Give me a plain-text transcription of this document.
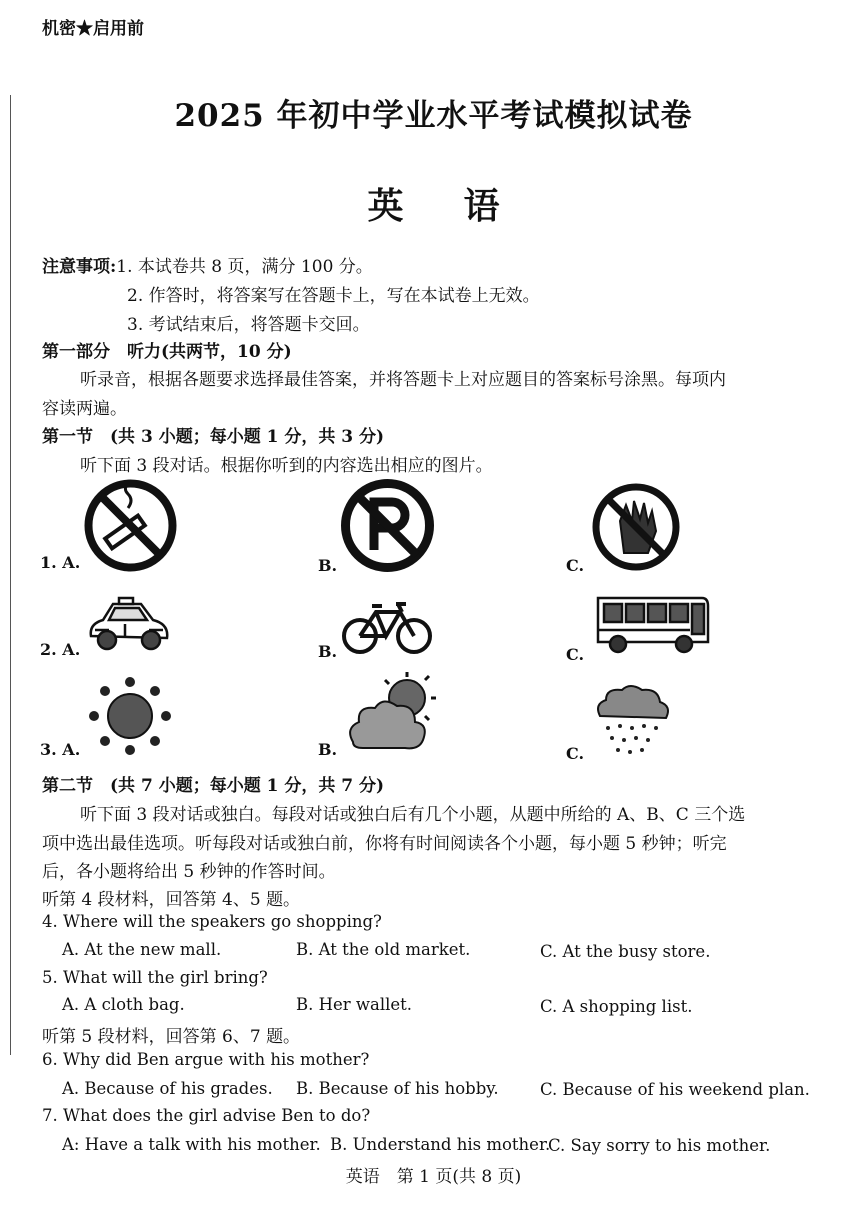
机密★启用前
2025 年初中学业水平考试模拟试卷
英语
注意事项:1. 本试卷共 8 页，满分 100 分。
2. 作答时，将答案写在答题卡上，写在本试卷上无效。
3. 考试结束后，将答题卡交回。
第一部分　听力(共两节，10 分)
听录音，根据各题要求选择最佳答案，并将答题卡上对应题目的答案标号涂黑。每项内
容读两遍。
第一节　(共 3 小题；每小题 1 分，共 3 分)
听下面 3 段对话。根据你听到的内容选出相应的图片。
1. A.	B.	C.
2. A.	B.	C.
3. A.	B.	C.
第二节　(共 7 小题；每小题 1 分，共 7 分)
听下面 3 段对话或独白。每段对话或独白后有几个小题，从题中所给的 A、B、C 三个选
项中选出最佳选项。听每段对话或独白前，你将有时间阅读各个小题，每小题 5 秒钟；听完
后，各小题将给出 5 秒钟的作答时间。
听第 4 段材料，回答第 4、5 题。
4. Where will the speakers go shopping?
A. At the new mall.	B. At the old market.	C. At the busy store.
5. What will the girl bring?
A. A cloth bag.	B. Her wallet.	C. A shopping list.
听第 5 段材料，回答第 6、7 题。
6. Why did Ben argue with his mother?
A. Because of his grades. B. Because of his hobby.	C. Because of his weekend plan.
7. What does the girl advise Ben to do?
A: Have a talk with his mother. B. Understand his mother.
C. Say sorry to his mother.
英语　第 1 页(共 8 页)
